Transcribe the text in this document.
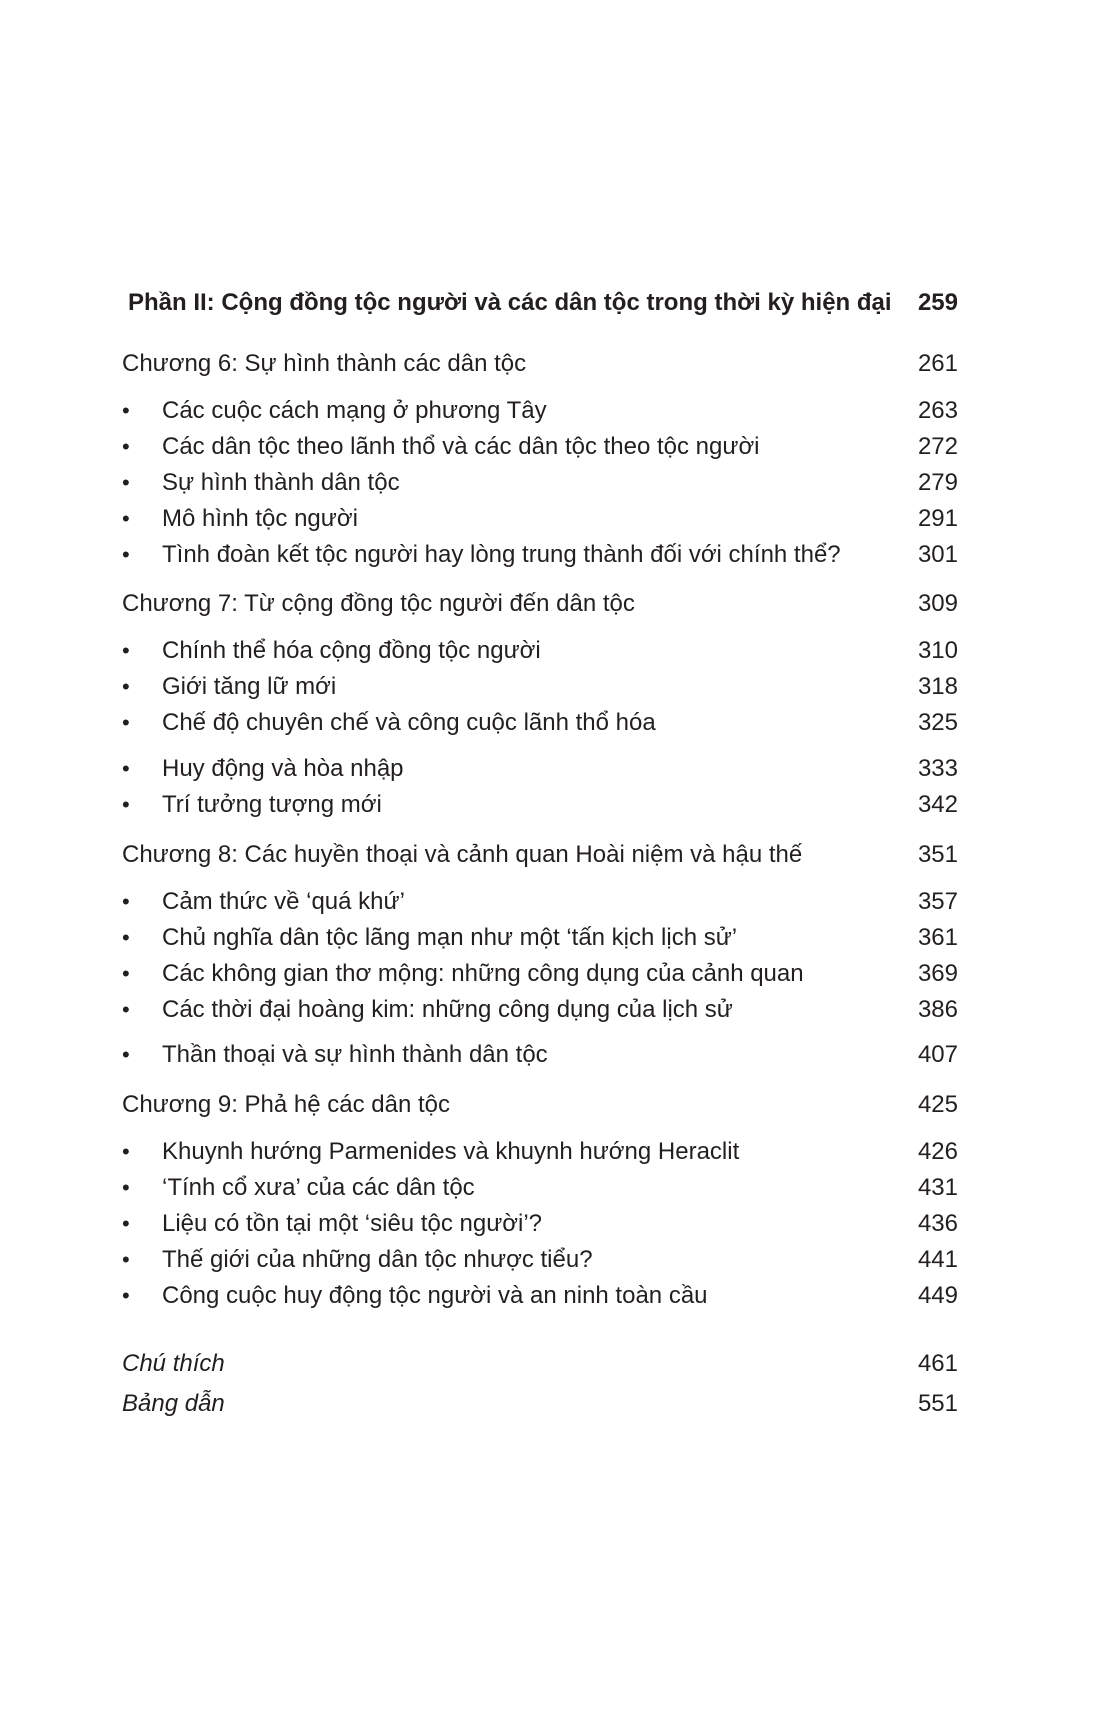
Phần II: Cộng đồng tộc người và các dân tộc trong thời kỳ hiện đại	259
Chương 6: Sự hình thành các dân tộc	261
•	Các cuộc cách mạng ở phương Tây	263
•	Các dân tộc theo lãnh thổ và các dân tộc theo tộc người	272
•	Sự hình thành dân tộc	279
•	Mô hình tộc người	291
•	Tình đoàn kết tộc người hay lòng trung thành đối với chính thể?	301
Chương 7: Từ cộng đồng tộc người đến dân tộc	309
•	Chính thể hóa cộng đồng tộc người	310
•	Giới tăng lữ mới	318
•	Chế độ chuyên chế và công cuộc lãnh thổ hóa	325
•	Huy động và hòa nhập	333
•	Trí tưởng tượng mới	342
Chương 8: Các huyền thoại và cảnh quan Hoài niệm và hậu thế	351
•	Cảm thức về ‘quá khứ’	357
•	Chủ nghĩa dân tộc lãng mạn như một ‘tấn kịch lịch sử’	361
•	Các không gian thơ mộng: những công dụng của cảnh quan	369
•	Các thời đại hoàng kim: những công dụng của lịch sử	386
•	Thần thoại và sự hình thành dân tộc	407
Chương 9: Phả hệ các dân tộc	425
•	Khuynh hướng Parmenides và khuynh hướng Heraclit	426
•	‘Tính cổ xưa’ của các dân tộc	431
•	Liệu có tồn tại một ‘siêu tộc người’?	436
•	Thế giới của những dân tộc nhược tiểu?	441
•	Công cuộc huy động tộc người và an ninh toàn cầu	449
Chú thích	461
Bảng dẫn	551
